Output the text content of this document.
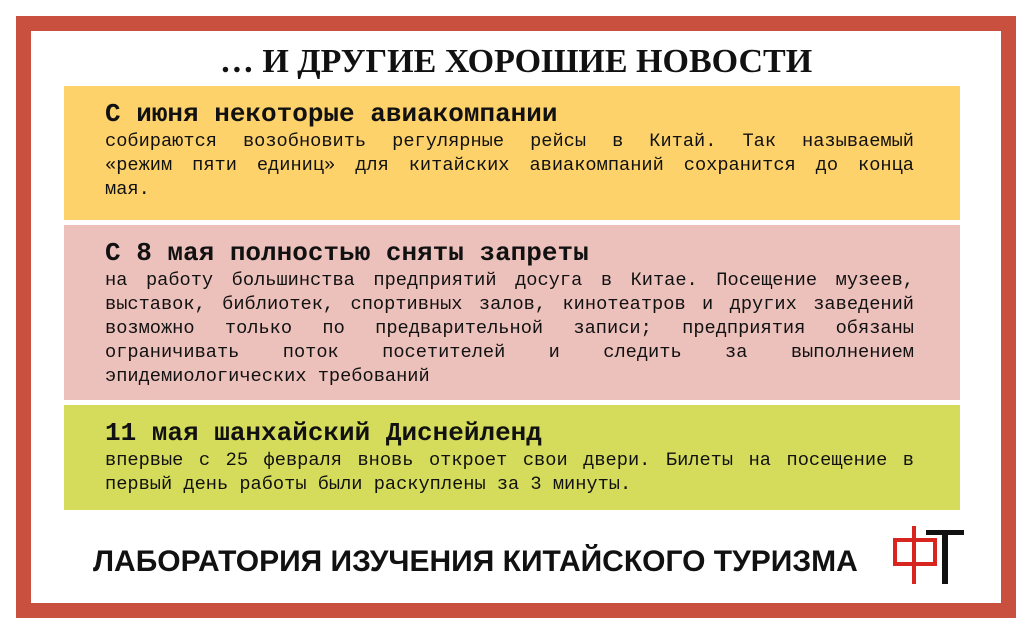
… И ДРУГИЕ ХОРОШИЕ НОВОСТИ
С июня некоторые авиакомпании
собираются возобновить регулярные рейсы в Китай. Так называемый
«режим пяти единиц» для китайских авиакомпаний сохранится до конца
мая.
С 8 мая полностью сняты запреты
на работу большинства предприятий досуга в Китае. Посещение музеев,
выставок, библиотек, спортивных залов, кинотеатров и других заведений
возможно только по предварительной записи; предприятия обязаны
ограничивать поток посетителей и следить за выполнением
эпидемиологических требований
11 мая шанхайский Диснейленд
впервые с 25 февраля вновь откроет свои двери. Билеты на посещение в
первый день работы были раскуплены за 3 минуты.
ЛАБОРАТОРИЯ ИЗУЧЕНИЯ КИТАЙСКОГО ТУРИЗМА
